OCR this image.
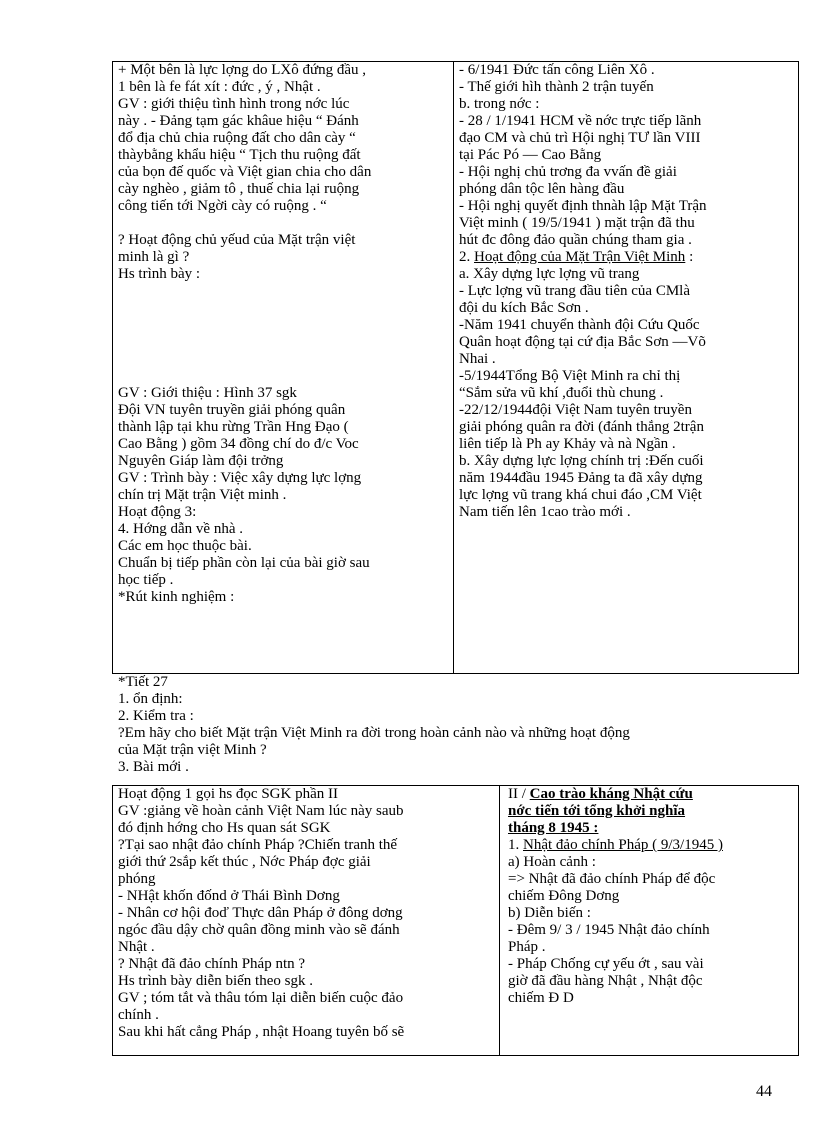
+ Một bên là lực lợng do LXô đứng đầu ,
1 bên là fe fát xít : đức , ý , Nhật .
GV : giới thiệu tình hình trong nớc lúc
này . - Đảng tạm gác khâue hiệu “ Đánh
đổ địa chủ chia ruộng đất cho dân cày “
thàybằng khẩu hiệu “ Tịch thu ruộng đất
của bọn đế quốc và Việt gian chia cho dân
cày nghèo , giảm tô , thuế chia lại ruộng
công tiến tới Ngời cày có ruộng . “
? Hoạt động chủ yếud của Mặt trận việt
minh là gì ?
Hs trình bày :
GV : Giới thiệu : Hình 37 sgk
Đội VN tuyên truyền giải phóng quân
thành lập tại khu rừng Trần Hng Đạo (
Cao Bằng ) gồm 34 đồng chí do đ/c Voc
Nguyên Giáp làm đội trởng
GV : Trình bày : Việc xây dựng lực lợng
chín trị Mặt trận Việt minh .
Hoạt động 3:
4. Hớng dẫn về nhà .
Các em học thuộc bài.
Chuẩn bị tiếp phần còn lại của bài giờ sau
học tiếp .
*Rút kinh nghiệm :

- 6/1941 Đức tấn công Liên Xô .
- Thế giới hìh thành 2 trận tuyến
b. trong nớc :
- 28 / 1/1941 HCM về nớc trực tiếp lãnh
đạo CM và chủ trì Hội nghị TƯ lần VIII
tại Pác Pó — Cao Bằng
- Hội nghị chủ trơng đa vvấn đề giải
phóng dân tộc lên hàng đầu
- Hội nghị quyết định thnàh lập Mặt Trận
Việt minh ( 19/5/1941 ) mặt trận đã thu
hút đc đông đảo quần chúng tham gia .
2. Hoạt động của Mặt Trận Việt Minh :
a. Xây dựng lực lợng vũ trang
- Lực lợng vũ trang đầu tiên của CMlà
đội du kích Bắc Sơn .
-Năm 1941 chuyển thành đội Cứu Quốc
Quân hoạt động tại cứ địa Bắc Sơn —Võ
Nhai .
-5/1944Tổng Bộ Việt Minh ra chỉ thị
“Sắm sửa vũ khí ,đuổi thù chung .
-22/12/1944đội Việt Nam tuyên truyền
giải phóng quân ra đời (đánh thắng 2trận
liên tiếp là Ph ay Khảy và nà Ngần .
b. Xây dựng lực lợng chính trị :Đến cuối
năm 1944đầu 1945 Đảng ta đã xây dựng
lực lợng vũ trang khá chui đáo ,CM Việt
Nam tiến lên 1cao trào mới .
*Tiết 27
1. ổn định:
2. Kiểm tra :
?Em hãy cho biết Mặt trận Việt Minh ra đời trong hoàn cảnh nào và những hoạt động
của Mặt trận việt Minh ?
3. Bài mới .
Hoạt động 1 gọi hs đọc SGK phần II
GV :giảng về hoàn cảnh Việt Nam lúc này saub
đó định hớng cho Hs quan sát SGK
?Tại sao nhật đảo chính Pháp ?Chiến tranh thế
giới thứ 2sắp kết thúc , Nớc Pháp đợc giải
phóng
- NHật khốn đốnd ở Thái Bình Dơng
- Nhân cơ hội đoď Thực dân Pháp ở đông dơng
ngóc đầu dậy chờ quân đồng minh vào sẽ đánh
Nhật .
? Nhật đã đảo chính Pháp ntn ?
Hs trình bày diễn biến theo sgk .
GV ; tóm tắt và thâu tóm lại diễn biến cuộc đảo
chính .
Sau khi hất cẳng Pháp , nhật Hoang tuyên bố sẽ

II / Cao trào kháng Nhật cứu
nớc tiến tới tổng khởi nghĩa
tháng 8 1945 :
1. Nhật đảo chính Pháp ( 9/3/1945 )
a) Hoàn cảnh :
=> Nhật đã đảo chính Pháp để độc
chiếm Đông Dơng
b) Diễn biến :
- Đêm 9/ 3 / 1945 Nhật đảo chính
Pháp .
- Pháp Chống cự yếu ớt , sau vài
giờ đã đầu hàng Nhật , Nhật độc
chiếm Đ D
44
